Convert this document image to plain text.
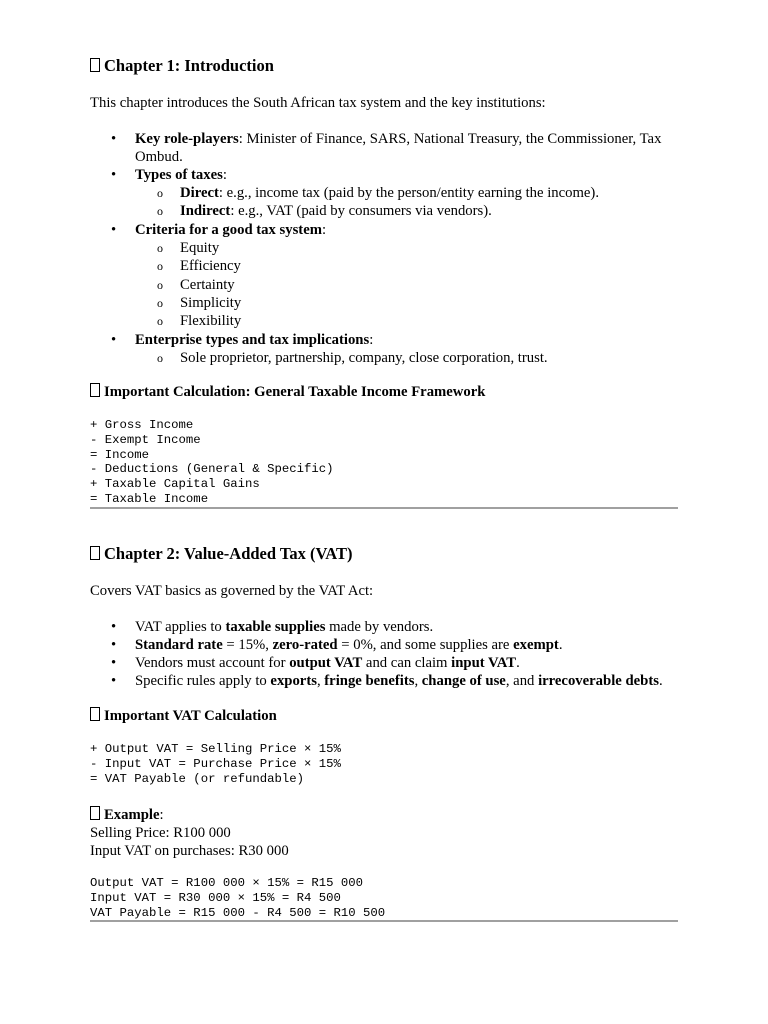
Chapter 1: Introduction
This chapter introduces the South African tax system and the key institutions:
• Key role-players: Minister of Finance, SARS, National Treasury, the Commissioner, Tax Ombud.
• Types of taxes:
o Direct: e.g., income tax (paid by the person/entity earning the income).
o Indirect: e.g., VAT (paid by consumers via vendors).
• Criteria for a good tax system:
o Equity
o Efficiency
o Certainty
o Simplicity
o Flexibility
• Enterprise types and tax implications:
o Sole proprietor, partnership, company, close corporation, trust.
Important Calculation: General Taxable Income Framework
+ Gross Income
- Exempt Income
= Income
- Deductions (General & Specific)
+ Taxable Capital Gains
= Taxable Income
Chapter 2: Value-Added Tax (VAT)
Covers VAT basics as governed by the VAT Act:
• VAT applies to taxable supplies made by vendors.
• Standard rate = 15%, zero-rated = 0%, and some supplies are exempt.
• Vendors must account for output VAT and can claim input VAT.
• Specific rules apply to exports, fringe benefits, change of use, and irrecoverable debts.
Important VAT Calculation
+ Output VAT = Selling Price × 15%
- Input VAT = Purchase Price × 15%
= VAT Payable (or refundable)
Example:
Selling Price: R100 000
Input VAT on purchases: R30 000
Output VAT = R100 000 × 15% = R15 000
Input VAT = R30 000 × 15% = R4 500
VAT Payable = R15 000 - R4 500 = R10 500
